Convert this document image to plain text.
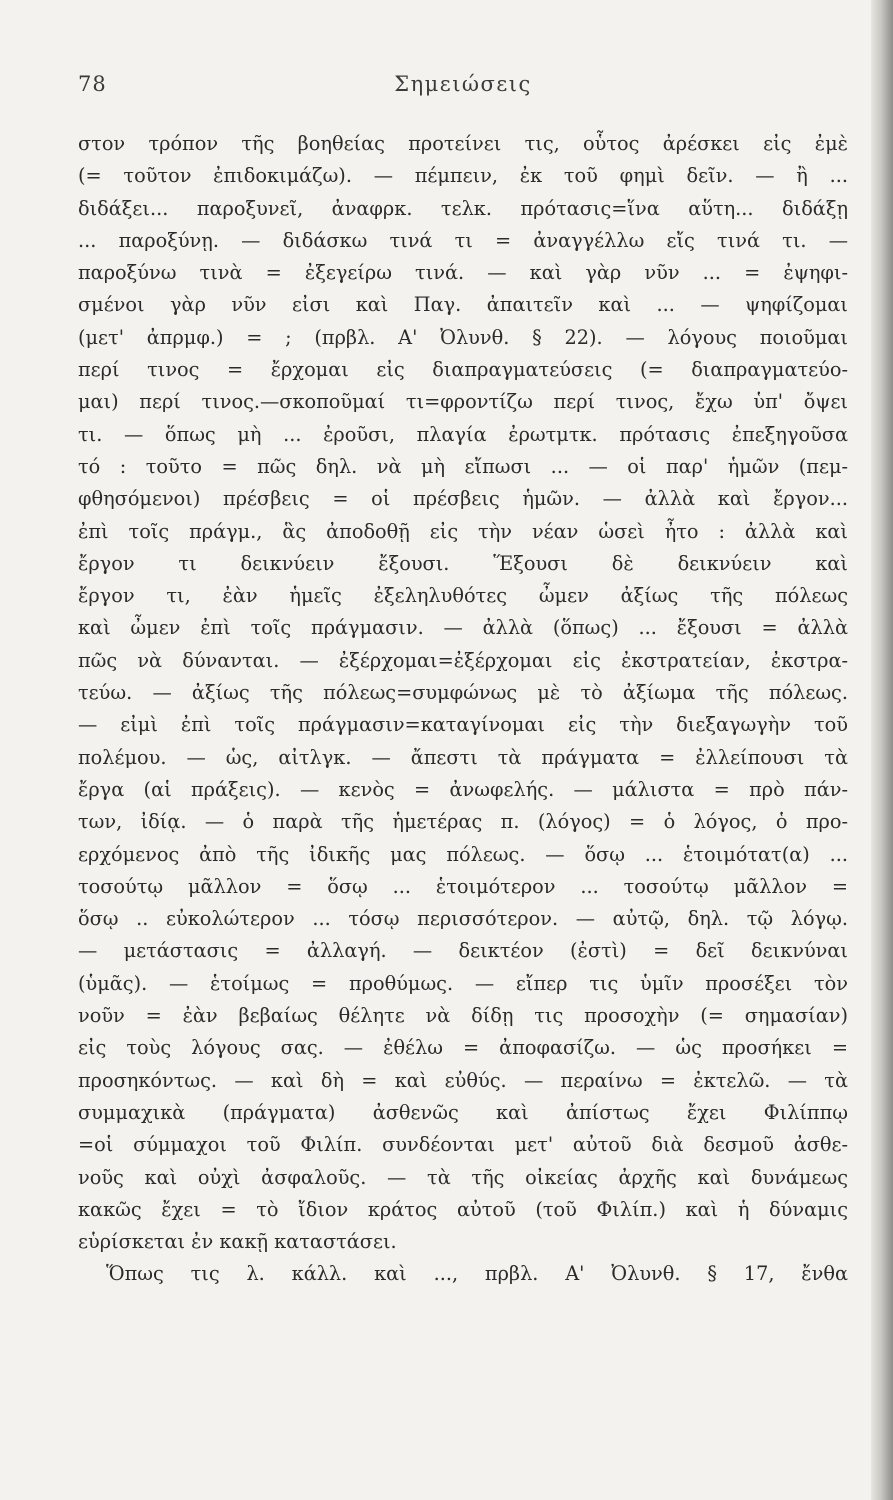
78	Σημειώσεις
στον τρόπον τῆς βοηθείας προτείνει τις, οὗτος ἀρέσκει εἰς ἐμὲ
(= τοῦτον ἐπιδοκιμάζω). — πέμπειν, ἐκ τοῦ φημὶ δεῖν. — ἢ ...
διδάξει... παροξυνεῖ, ἀναφρκ. τελκ. πρότασις=ἵνα αὕτη... διδάξῃ
... παροξύνῃ. — διδάσκω τινά τι = ἀναγγέλλω εἴς τινά τι. —
παροξύνω τινὰ = ἐξεγείρω τινά. — καὶ γὰρ νῦν ... = ἐψηφι-
σμένοι γὰρ νῦν εἰσι καὶ Παγ. ἀπαιτεῖν καὶ ... — ψηφίζομαι
(μετ' ἀπρμφ.) = ; (πρβλ. Α' Ὀλυνθ. § 22). — λόγους ποιοῦμαι
περί τινος = ἔρχομαι εἰς διαπραγματεύσεις (= διαπραγματεύο-
μαι) περί τινος.—σκοποῦμαί τι=φροντίζω περί τινος, ἔχω ὑπ' ὄψει
τι. — ὅπως μὴ ... ἐροῦσι, πλαγία ἐρωτμτκ. πρότασις ἐπεξηγοῦσα
τό : τοῦτο = πῶς δηλ. νὰ μὴ εἴπωσι ... — οἱ παρ' ἡμῶν (πεμ-
φθησόμενοι) πρέσβεις = οἱ πρέσβεις ἡμῶν. — ἀλλὰ καὶ ἔργον...
ἐπὶ τοῖς πράγμ., ἃς ἀποδοθῇ εἰς τὴν νέαν ὡσεὶ ἦτο : ἀλλὰ καὶ
ἔργον τι δεικνύειν ἔξουσι. Ἕξουσι δὲ δεικνύειν καὶ
ἔργον τι, ἐὰν ἡμεῖς ἐξεληλυθότες ὦμεν ἀξίως τῆς πόλεως
καὶ ὦμεν ἐπὶ τοῖς πράγμασιν. — ἀλλὰ (ὅπως) ... ἔξουσι = ἀλλὰ
πῶς νὰ δύνανται. — ἐξέρχομαι=ἐξέρχομαι εἰς ἐκστρατείαν, ἐκστρα-
τεύω. — ἀξίως τῆς πόλεως=συμφώνως μὲ τὸ ἀξίωμα τῆς πόλεως.
— εἰμὶ ἐπὶ τοῖς πράγμασιν=καταγίνομαι εἰς τὴν διεξαγωγὴν τοῦ
πολέμου. — ὡς, αἰτλγκ. — ἄπεστι τὰ πράγματα = ἐλλείπουσι τὰ
ἔργα (αἱ πράξεις). — κενὸς = ἀνωφελής. — μάλιστα = πρὸ πάν-
των, ἰδίᾳ. — ὁ παρὰ τῆς ἡμετέρας π. (λόγος) = ὁ λόγος, ὁ προ-
ερχόμενος ἀπὸ τῆς ἰδικῆς μας πόλεως. — ὅσῳ ... ἑτοιμότατ(α) ...
τοσούτῳ μᾶλλον = ὅσῳ ... ἑτοιμότερον ... τοσούτῳ μᾶλλον =
ὅσῳ .. εὐκολώτερον ... τόσῳ περισσότερον. — αὐτῷ, δηλ. τῷ λόγῳ.
— μετάστασις = ἀλλαγή. — δεικτέον (ἐστὶ) = δεῖ δεικνύναι
(ὑμᾶς). — ἑτοίμως = προθύμως. — εἴπερ τις ὑμῖν προσέξει τὸν
νοῦν = ἐὰν βεβαίως θέλητε νὰ δίδῃ τις προσοχὴν (= σημασίαν)
εἰς τοὺς λόγους σας. — ἐθέλω = ἀποφασίζω. — ὡς προσήκει =
προσηκόντως. — καὶ δὴ = καὶ εὐθύς. — περαίνω = ἐκτελῶ. — τὰ
συμμαχικὰ (πράγματα) ἀσθενῶς καὶ ἀπίστως ἔχει Φιλίππῳ
=οἱ σύμμαχοι τοῦ Φιλίπ. συνδέονται μετ' αὐτοῦ διὰ δεσμοῦ ἀσθε-
νοῦς καὶ οὐχὶ ἀσφαλοῦς. — τὰ τῆς οἰκείας ἀρχῆς καὶ δυνάμεως
κακῶς ἔχει = τὸ ἴδιον κράτος αὐτοῦ (τοῦ Φιλίπ.) καὶ ἡ δύναμις
εὑρίσκεται ἐν κακῇ καταστάσει.
Ὅπως τις λ. κάλλ. καὶ ..., πρβλ. Α' Ὀλυνθ. § 17, ἔνθα
